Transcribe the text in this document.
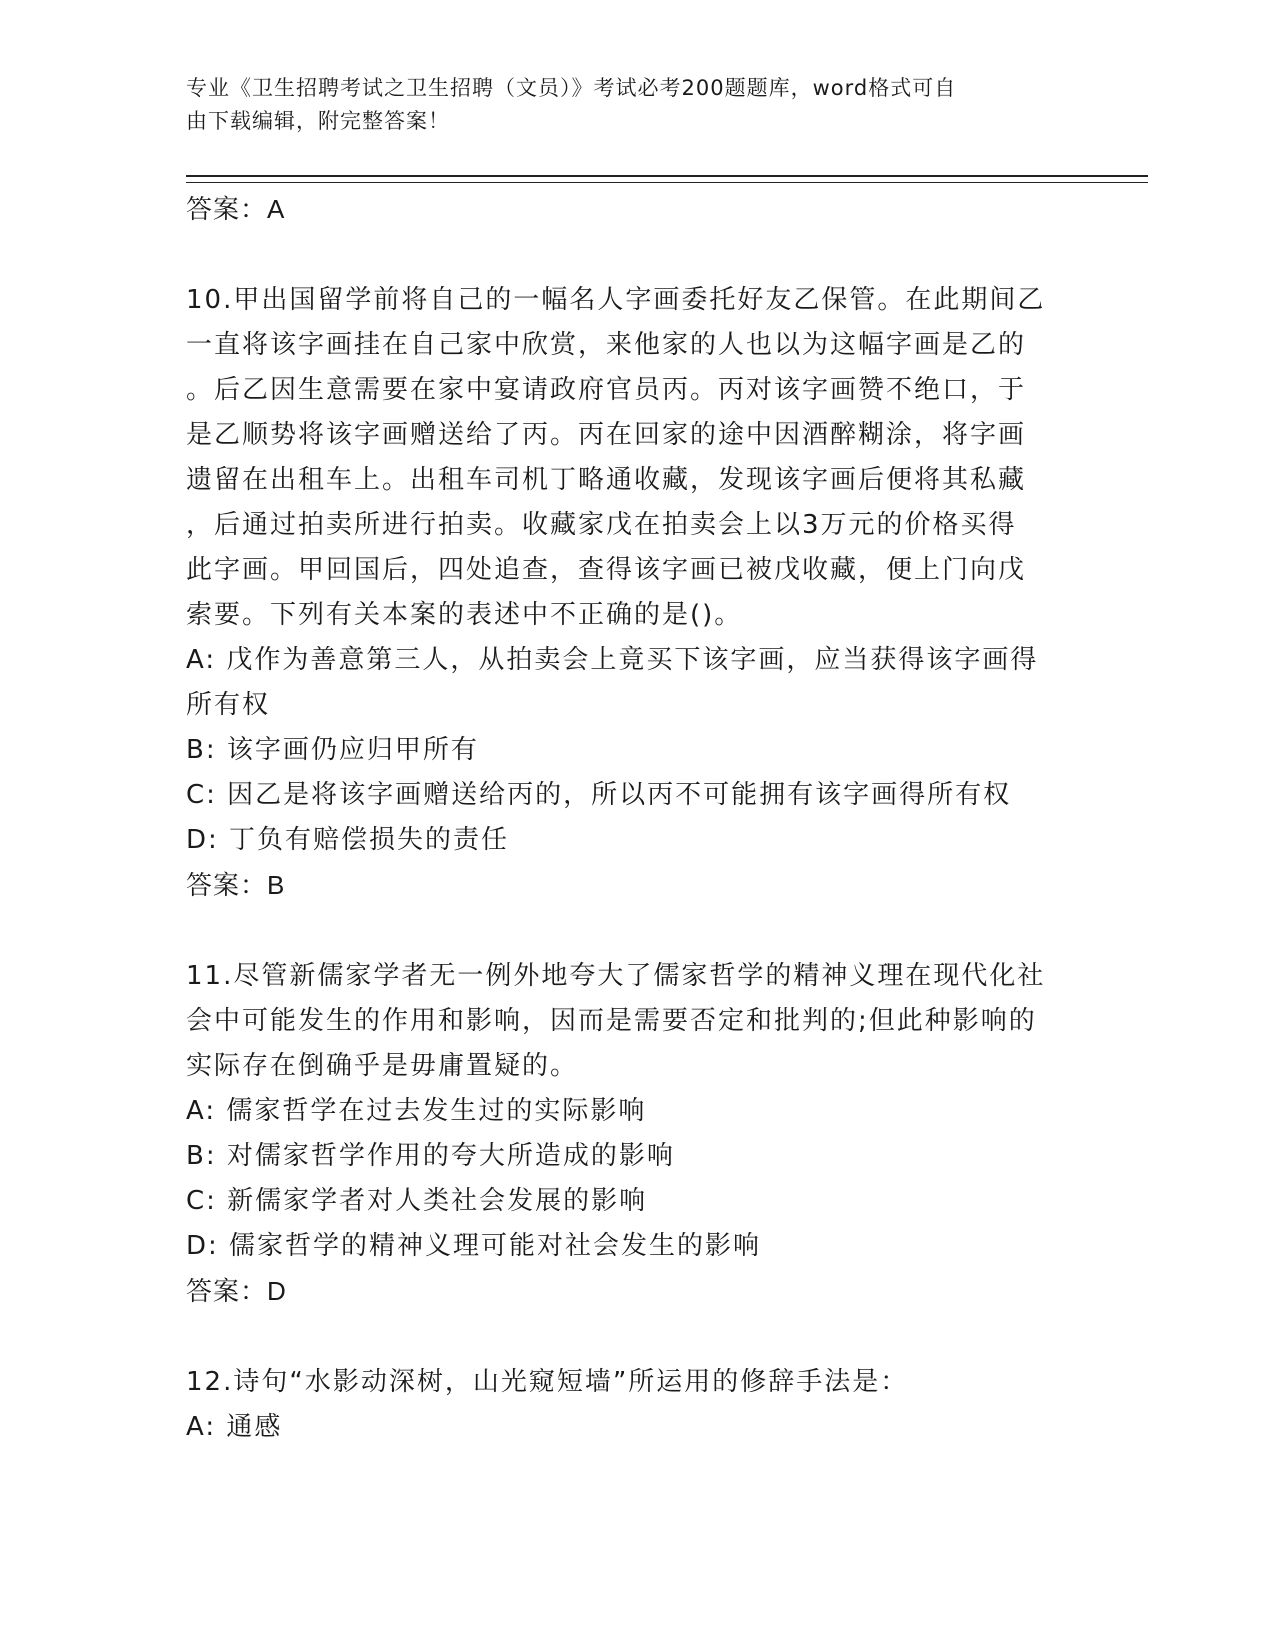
专业《卫生招聘考试之卫生招聘（文员）》考试必考200题题库，word格式可自
由下载编辑，附完整答案！

答案：A

10.甲出国留学前将自己的一幅名人字画委托好友乙保管。在此期间乙

一直将该字画挂在自己家中欣赏，来他家的人也以为这幅字画是乙的

。后乙因生意需要在家中宴请政府官员丙。丙对该字画赞不绝口，于

是乙顺势将该字画赠送给了丙。丙在回家的途中因酒醉糊涂，将字画

遗留在出租车上。出租车司机丁略通收藏，发现该字画后便将其私藏

，后通过拍卖所进行拍卖。收藏家戊在拍卖会上以3万元的价格买得

此字画。甲回国后，四处追查，查得该字画已被戊收藏，便上门向戊

索要。下列有关本案的表述中不正确的是()。

A: 戊作为善意第三人，从拍卖会上竟买下该字画，应当获得该字画得

所有权

B: 该字画仍应归甲所有

C: 因乙是将该字画赠送给丙的，所以丙不可能拥有该字画得所有权

D: 丁负有赔偿损失的责任

答案：B

11.尽管新儒家学者无一例外地夸大了儒家哲学的精神义理在现代化社

会中可能发生的作用和影响，因而是需要否定和批判的;但此种影响的

实际存在倒确乎是毋庸置疑的。

A: 儒家哲学在过去发生过的实际影响

B: 对儒家哲学作用的夸大所造成的影响

C: 新儒家学者对人类社会发展的影响

D: 儒家哲学的精神义理可能对社会发生的影响

答案：D

12.诗句“水影动深树，山光窥短墙”所运用的修辞手法是：

A: 通感
